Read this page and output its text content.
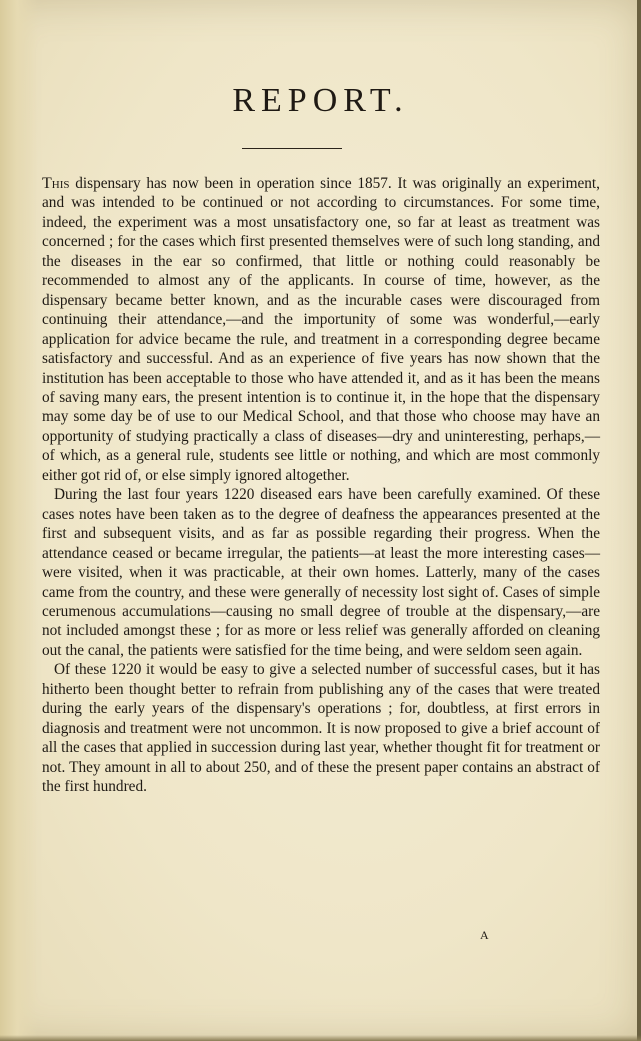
REPORT.

This dispensary has now been in operation since 1857. It was originally an experiment, and was intended to be continued or not according to circumstances. For some time, indeed, the experiment was a most unsatisfactory one, so far at least as treatment was concerned ; for the cases which first presented themselves were of such long standing, and the diseases in the ear so confirmed, that little or nothing could reasonably be recommended to almost any of the applicants. In course of time, however, as the dispensary became better known, and as the incurable cases were discouraged from continuing their attendance,—and the importunity of some was wonderful,—early application for advice became the rule, and treatment in a corresponding degree became satisfactory and successful. And as an experience of five years has now shown that the institution has been acceptable to those who have attended it, and as it has been the means of saving many ears, the present intention is to continue it, in the hope that the dispensary may some day be of use to our Medical School, and that those who choose may have an opportunity of studying practically a class of diseases—dry and uninteresting, perhaps,—of which, as a general rule, students see little or nothing, and which are most commonly either got rid of, or else simply ignored altogether.

During the last four years 1220 diseased ears have been carefully examined. Of these cases notes have been taken as to the degree of deafness the appearances presented at the first and subsequent visits, and as far as possible regarding their progress. When the attendance ceased or became irregular, the patients—at least the more interesting cases—were visited, when it was practicable, at their own homes. Latterly, many of the cases came from the country, and these were generally of necessity lost sight of. Cases of simple cerumenous accumulations—causing no small degree of trouble at the dispensary,—are not included amongst these ; for as more or less relief was generally afforded on cleaning out the canal, the patients were satisfied for the time being, and were seldom seen again.

Of these 1220 it would be easy to give a selected number of successful cases, but it has hitherto been thought better to refrain from publishing any of the cases that were treated during the early years of the dispensary's operations ; for, doubtless, at first errors in diagnosis and treatment were not uncommon. It is now proposed to give a brief account of all the cases that applied in succession during last year, whether thought fit for treatment or not. They amount in all to about 250, and of these the present paper contains an abstract of the first hundred.

A
